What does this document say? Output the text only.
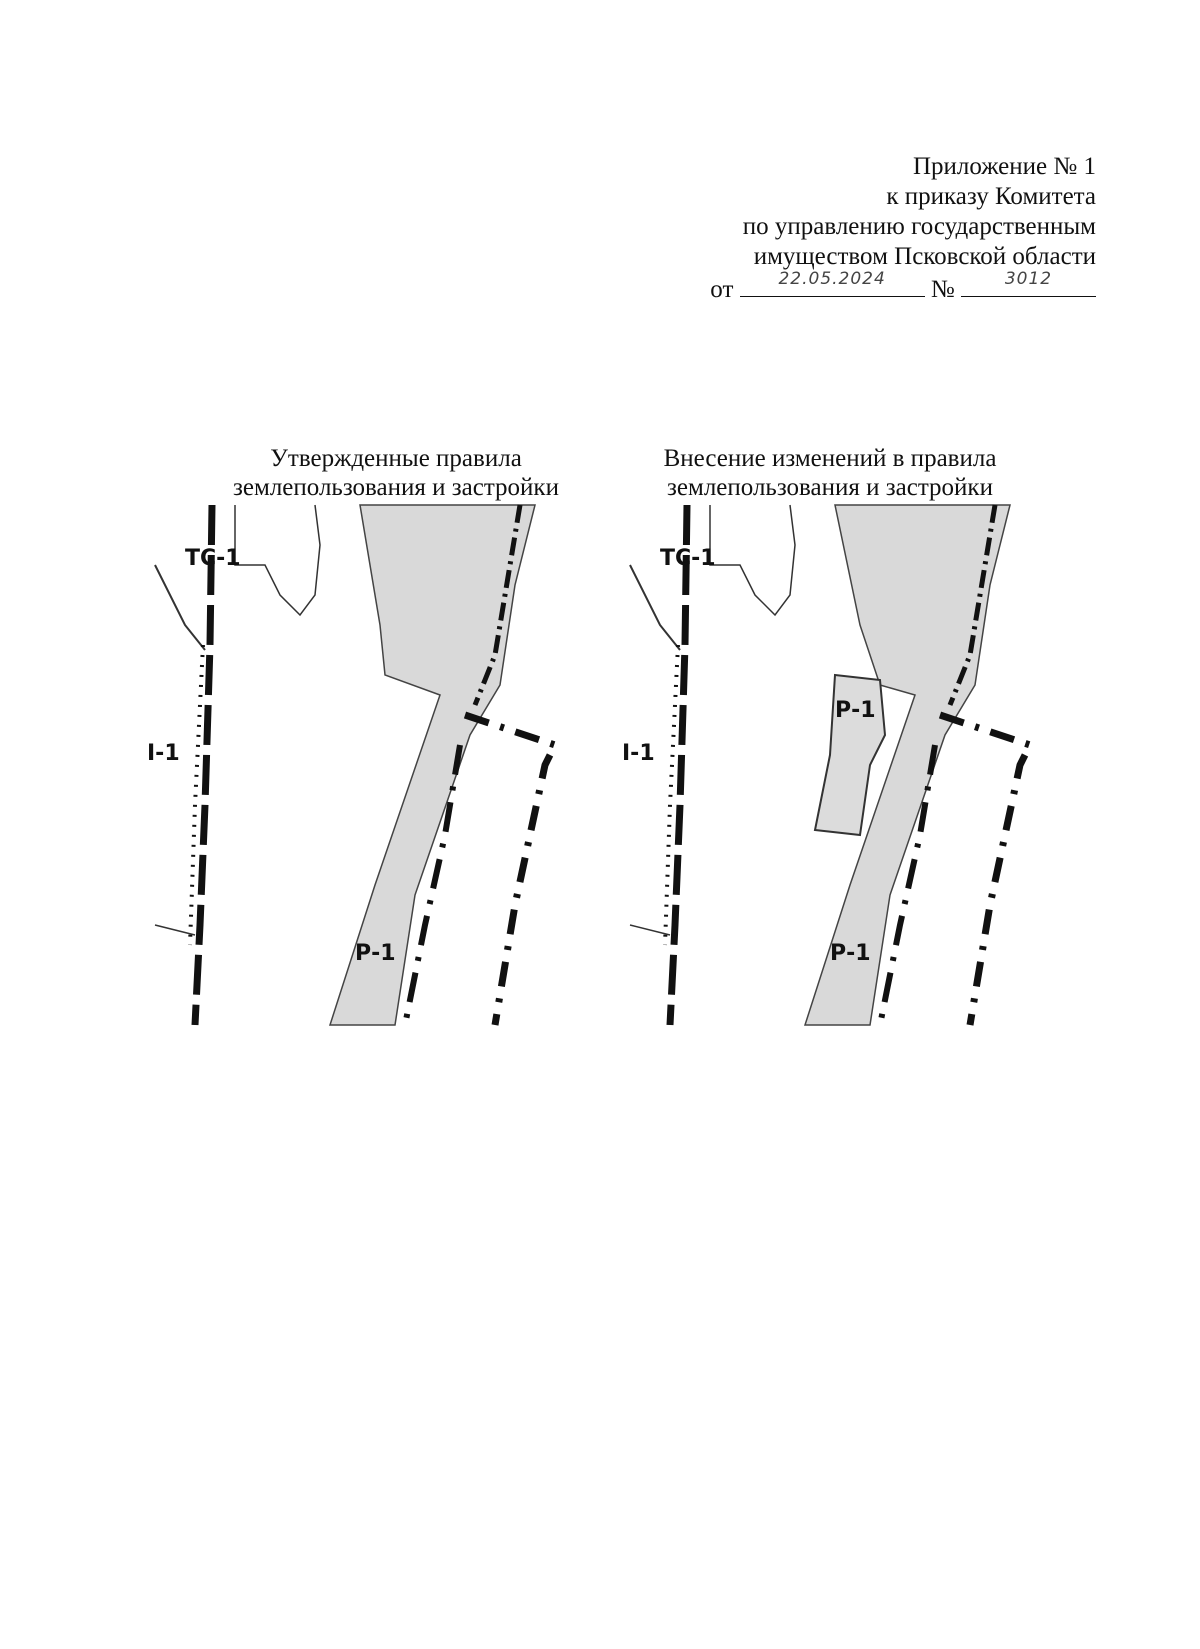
Приложение № 1
к приказу Комитета
по управлению государственным
имуществом Псковской области
от	22.05.2024	№	3012
Утвержденные правила
землепользования и застройки
Внесение изменений в правила
землепользования и застройки
ТС-1
I-1
Р-1
ТС-1
I-1
Р-1
Р-1
